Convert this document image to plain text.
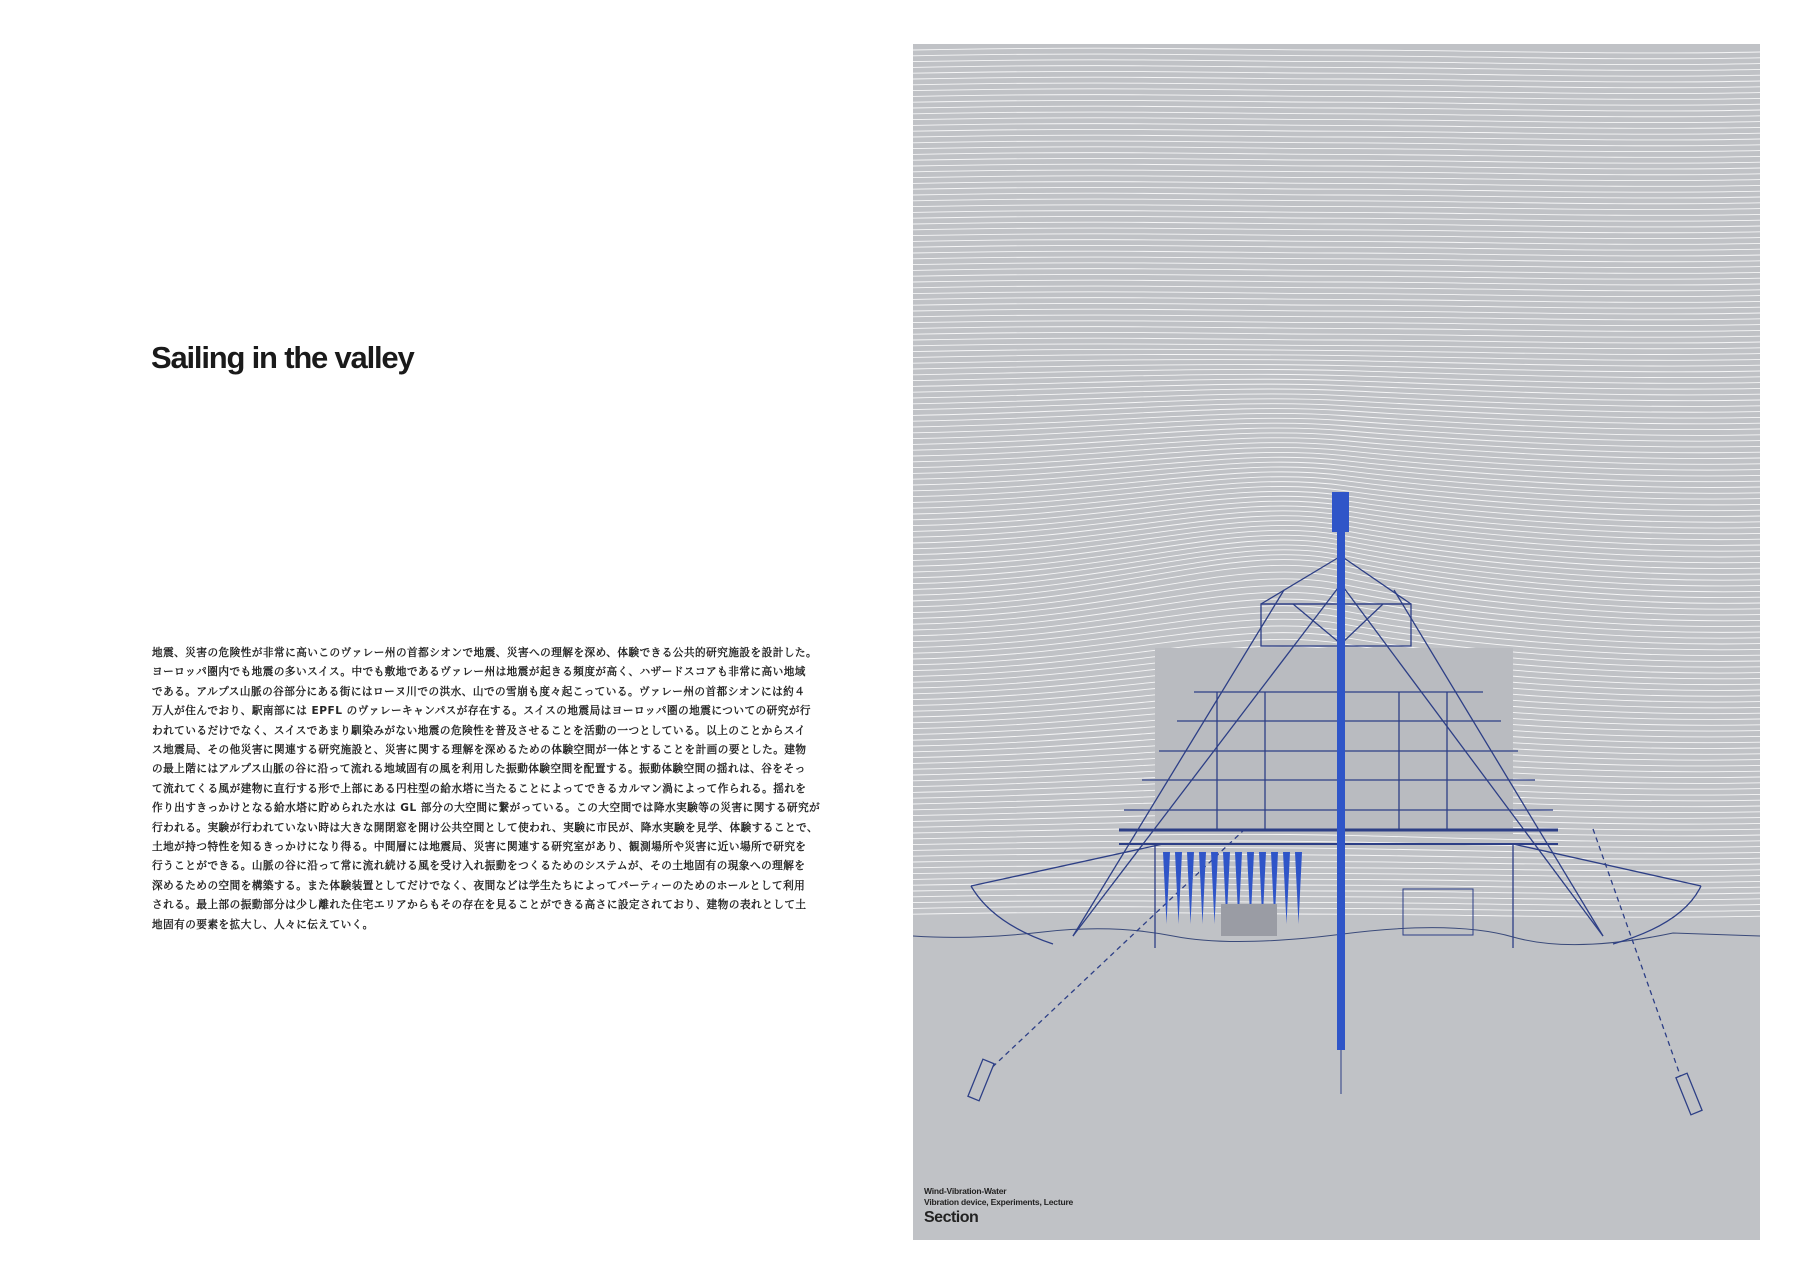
Sailing in the valley
地震、災害の危険性が非常に高いこのヴァレー州の首都シオンで地震、災害への理解を深め、体験できる公共的研究施設を設計した。
ヨーロッパ圏内でも地震の多いスイス。中でも敷地であるヴァレー州は地震が起きる頻度が高く、ハザードスコアも非常に高い地域
である。アルプス山脈の谷部分にある街にはローヌ川での洪水、山での雪崩も度々起こっている。ヴァレー州の首都シオンには約４
万人が住んでおり、駅南部には EPFL のヴァレーキャンパスが存在する。スイスの地震局はヨーロッパ圏の地震についての研究が行
われているだけでなく、スイスであまり馴染みがない地震の危険性を普及させることを活動の一つとしている。以上のことからスイ
ス地震局、その他災害に関連する研究施設と、災害に関する理解を深めるための体験空間が一体とすることを計画の要とした。建物
の最上階にはアルプス山脈の谷に沿って流れる地域固有の風を利用した振動体験空間を配置する。振動体験空間の揺れは、谷をそっ
て流れてくる風が建物に直行する形で上部にある円柱型の給水塔に当たることによってできるカルマン渦によって作られる。揺れを
作り出すきっかけとなる給水塔に貯められた水は GL 部分の大空間に繋がっている。この大空間では降水実験等の災害に関する研究が
行われる。実験が行われていない時は大きな開閉窓を開け公共空間として使われ、実験に市民が、降水実験を見学、体験することで、
土地が持つ特性を知るきっかけになり得る。中間層には地震局、災害に関連する研究室があり、観測場所や災害に近い場所で研究を
行うことができる。山脈の谷に沿って常に流れ続ける風を受け入れ振動をつくるためのシステムが、その土地固有の現象への理解を
深めるための空間を構築する。また体験装置としてだけでなく、夜間などは学生たちによってパーティーのためのホールとして利用
される。最上部の振動部分は少し離れた住宅エリアからもその存在を見ることができる高さに設定されており、建物の表れとして土
地固有の要素を拡大し、人々に伝えていく。
Wind-Vibration-Water
Vibration device, Experiments, Lecture
Section
